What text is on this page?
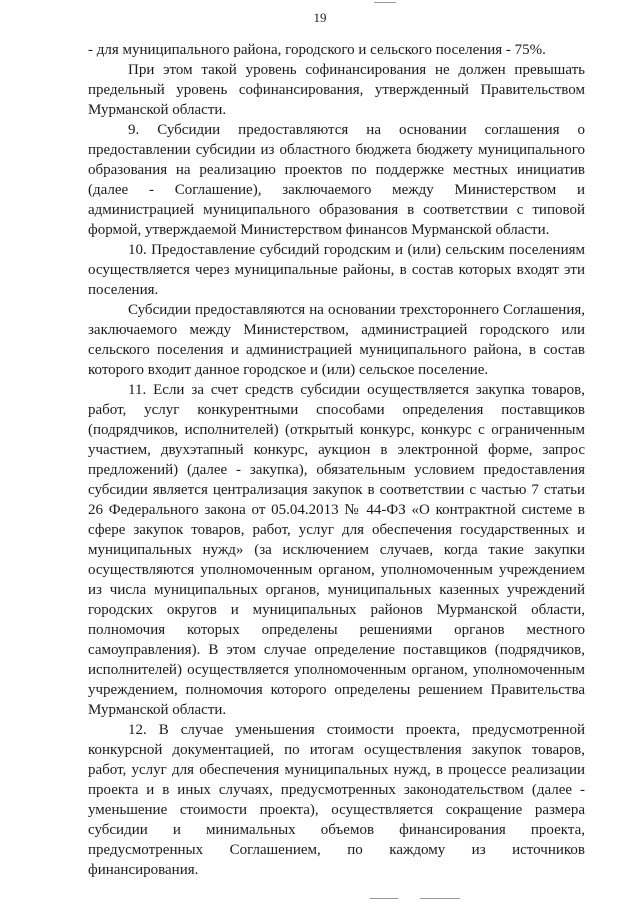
19

- для муниципального района, городского и сельского поселения - 75%.

При этом такой уровень софинансирования не должен превышать предельный уровень софинансирования, утвержденный Правительством Мурманской области.

9. Субсидии предоставляются на основании соглашения о предоставлении субсидии из областного бюджета бюджету муниципального образования на реализацию проектов по поддержке местных инициатив (далее - Соглашение), заключаемого между Министерством и администрацией муниципального образования в соответствии с типовой формой, утверждаемой Министерством финансов Мурманской области.

10. Предоставление субсидий городским и (или) сельским поселениям осуществляется через муниципальные районы, в состав которых входят эти поселения.

Субсидии предоставляются на основании трехстороннего Соглашения, заключаемого между Министерством, администрацией городского или сельского поселения и администрацией муниципального района, в состав которого входит данное городское и (или) сельское поселение.

11. Если за счет средств субсидии осуществляется закупка товаров, работ, услуг конкурентными способами определения поставщиков (подрядчиков, исполнителей) (открытый конкурс, конкурс с ограниченным участием, двухэтапный конкурс, аукцион в электронной форме, запрос предложений) (далее - закупка), обязательным условием предоставления субсидии является централизация закупок в соответствии с частью 7 статьи 26 Федерального закона от 05.04.2013 № 44-ФЗ «О контрактной системе в сфере закупок товаров, работ, услуг для обеспечения государственных и муниципальных нужд» (за исключением случаев, когда такие закупки осуществляются уполномоченным органом, уполномоченным учреждением из числа муниципальных органов, муниципальных казенных учреждений городских округов и муниципальных районов Мурманской области, полномочия которых определены решениями органов местного самоуправления). В этом случае определение поставщиков (подрядчиков, исполнителей) осуществляется уполномоченным органом, уполномоченным учреждением, полномочия которого определены решением Правительства Мурманской области.

12. В случае уменьшения стоимости проекта, предусмотренной конкурсной документацией, по итогам осуществления закупок товаров, работ, услуг для обеспечения муниципальных нужд, в процессе реализации проекта и в иных случаях, предусмотренных законодательством (далее - уменьшение стоимости проекта), осуществляется сокращение размера субсидии и минимальных объемов финансирования проекта, предусмотренных Соглашением, по каждому из источников финансирования.
